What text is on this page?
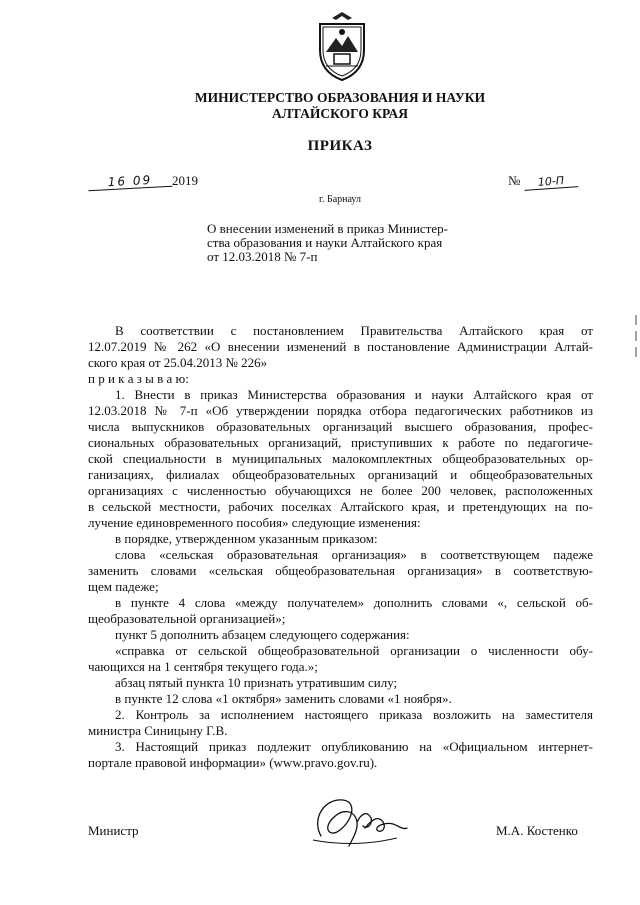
МИНИСТЕРСТВО ОБРАЗОВАНИЯ И НАУКИ
АЛТАЙСКОГО КРАЯ
ПРИКАЗ
16 09 2019	№ 10-П
г. Барнаул
О внесении изменений в приказ Министер-
ства образования и науки Алтайского края
от 12.03.2018 № 7-п
В соответствии с постановлением Правительства Алтайского края от
12.07.2019 № 262 «О внесении изменений в постановление Администрации Алтай-
ского края от 25.04.2013 № 226»
п р и к а з ы в а ю:
1. Внести в приказ Министерства образования и науки Алтайского края от
12.03.2018 № 7-п «Об утверждении порядка отбора педагогических работников из
числа выпускников образовательных организаций высшего образования, профес-
сиональных образовательных организаций, приступивших к работе по педагогиче-
ской специальности в муниципальных малокомплектных общеобразовательных ор-
ганизациях, филиалах общеобразовательных организаций и общеобразовательных
организациях с численностью обучающихся не более 200 человек, расположенных
в сельской местности, рабочих поселках Алтайского края, и претендующих на по-
лучение единовременного пособия» следующие изменения:
в порядке, утвержденном указанным приказом:
слова «сельская образовательная организация» в соответствующем падеже
заменить словами «сельская общеобразовательная организация» в соответствую-
щем падеже;
в пункте 4 слова «между получателем» дополнить словами «, сельской об-
щеобразовательной организацией»;
пункт 5 дополнить абзацем следующего содержания:
«справка от сельской общеобразовательной организации о численности обу-
чающихся на 1 сентября текущего года.»;
абзац пятый пункта 10 признать утратившим силу;
в пункте 12 слова «1 октября» заменить словами «1 ноября».
2. Контроль за исполнением настоящего приказа возложить на заместителя
министра Синицыну Г.В.
3. Настоящий приказ подлежит опубликованию на «Официальном интернет-
портале правовой информации» (www.pravo.gov.ru).
Министр	М.А. Костенко
